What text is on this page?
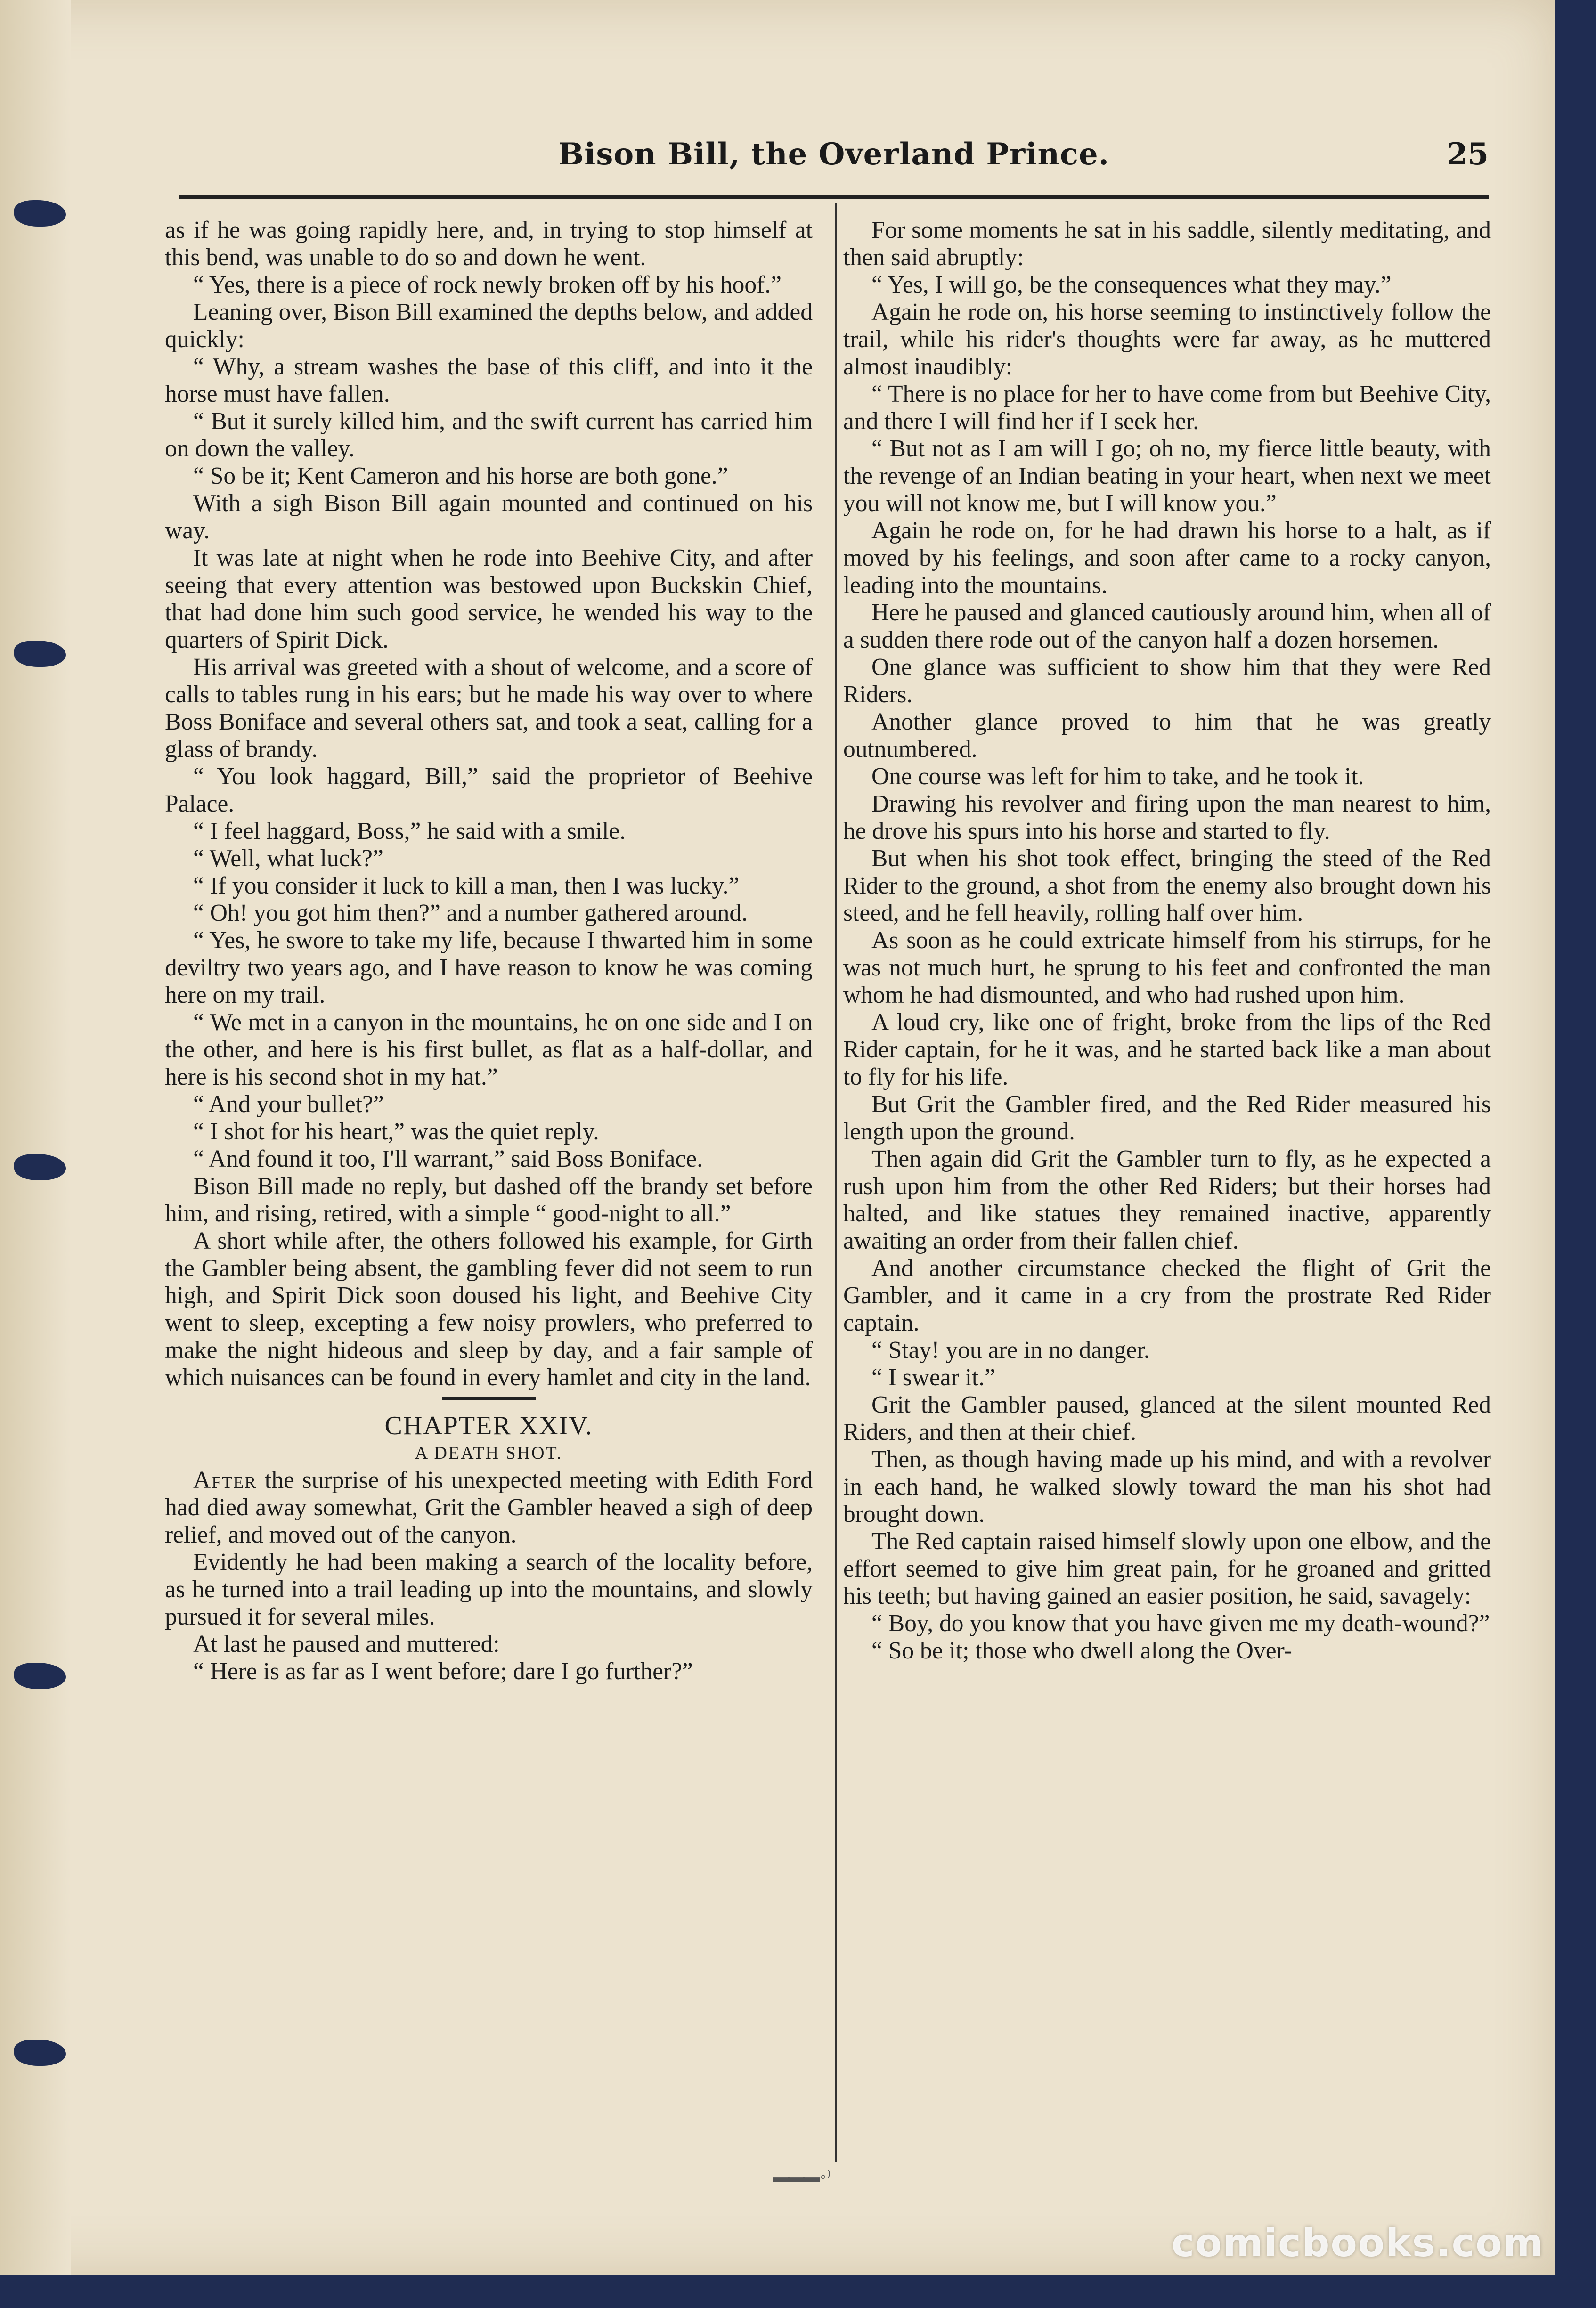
Bison Bill, the Overland Prince.	25

as if he was going rapidly here, and, in trying to stop himself at this bend, was unable to do so and down he went.

“ Yes, there is a piece of rock newly broken off by his hoof.”

Leaning over, Bison Bill examined the depths below, and added quickly:

“ Why, a stream washes the base of this cliff, and into it the horse must have fallen.

“ But it surely killed him, and the swift current has carried him on down the valley.

“ So be it; Kent Cameron and his horse are both gone.”

With a sigh Bison Bill again mounted and continued on his way.

It was late at night when he rode into Beehive City, and after seeing that every attention was bestowed upon Buckskin Chief, that had done him such good service, he wended his way to the quarters of Spirit Dick.

His arrival was greeted with a shout of welcome, and a score of calls to tables rung in his ears; but he made his way over to where Boss Boniface and several others sat, and took a seat, calling for a glass of brandy.

“ You look haggard, Bill,” said the proprietor of Beehive Palace.

“ I feel haggard, Boss,” he said with a smile.

“ Well, what luck?”

“ If you consider it luck to kill a man, then I was lucky.”

“ Oh! you got him then?” and a number gathered around.

“ Yes, he swore to take my life, because I thwarted him in some deviltry two years ago, and I have reason to know he was coming here on my trail.

“ We met in a canyon in the mountains, he on one side and I on the other, and here is his first bullet, as flat as a half-dollar, and here is his second shot in my hat.”

“ And your bullet?”

“ I shot for his heart,” was the quiet reply.

“ And found it too, I'll warrant,” said Boss Boniface.

Bison Bill made no reply, but dashed off the brandy set before him, and rising, retired, with a simple “ good-night to all.”

A short while after, the others followed his example, for Girth the Gambler being absent, the gambling fever did not seem to run high, and Spirit Dick soon doused his light, and Beehive City went to sleep, excepting a few noisy prowlers, who preferred to make the night hideous and sleep by day, and a fair sample of which nuisances can be found in every hamlet and city in the land.

CHAPTER XXIV.

A DEATH SHOT.

After the surprise of his unexpected meeting with Edith Ford had died away somewhat, Grit the Gambler heaved a sigh of deep relief, and moved out of the canyon.

Evidently he had been making a search of the locality before, as he turned into a trail leading up into the mountains, and slowly pursued it for several miles.

At last he paused and muttered:

“ Here is as far as I went before; dare I go further?”

For some moments he sat in his saddle, silently meditating, and then said abruptly:

“ Yes, I will go, be the consequences what they may.”

Again he rode on, his horse seeming to instinctively follow the trail, while his rider's thoughts were far away, as he muttered almost inaudibly:

“ There is no place for her to have come from but Beehive City, and there I will find her if I seek her.

“ But not as I am will I go; oh no, my fierce little beauty, with the revenge of an Indian beating in your heart, when next we meet you will not know me, but I will know you.”

Again he rode on, for he had drawn his horse to a halt, as if moved by his feelings, and soon after came to a rocky canyon, leading into the mountains.

Here he paused and glanced cautiously around him, when all of a sudden there rode out of the canyon half a dozen horsemen.

One glance was sufficient to show him that they were Red Riders.

Another glance proved to him that he was greatly outnumbered.

One course was left for him to take, and he took it.

Drawing his revolver and firing upon the man nearest to him, he drove his spurs into his horse and started to fly.

But when his shot took effect, bringing the steed of the Red Rider to the ground, a shot from the enemy also brought down his steed, and he fell heavily, rolling half over him.

As soon as he could extricate himself from his stirrups, for he was not much hurt, he sprung to his feet and confronted the man whom he had dismounted, and who had rushed upon him.

A loud cry, like one of fright, broke from the lips of the Red Rider captain, for he it was, and he started back like a man about to fly for his life.

But Grit the Gambler fired, and the Red Rider measured his length upon the ground.

Then again did Grit the Gambler turn to fly, as he expected a rush upon him from the other Red Riders; but their horses had halted, and like statues they remained inactive, apparently awaiting an order from their fallen chief.

And another circumstance checked the flight of Grit the Gambler, and it came in a cry from the prostrate Red Rider captain.

“ Stay! you are in no danger.

“ I swear it.”

Grit the Gambler paused, glanced at the silent mounted Red Riders, and then at their chief.

Then, as though having made up his mind, and with a revolver in each hand, he walked slowly toward the man his shot had brought down.

The Red captain raised himself slowly upon one elbow, and the effort seemed to give him great pain, for he groaned and gritted his teeth; but having gained an easier position, he said, savagely:

“ Boy, do you know that you have given me my death-wound?”

“ So be it; those who dwell along the Over-

▬▬▬ ◦ ⁾
comicbooks.com
